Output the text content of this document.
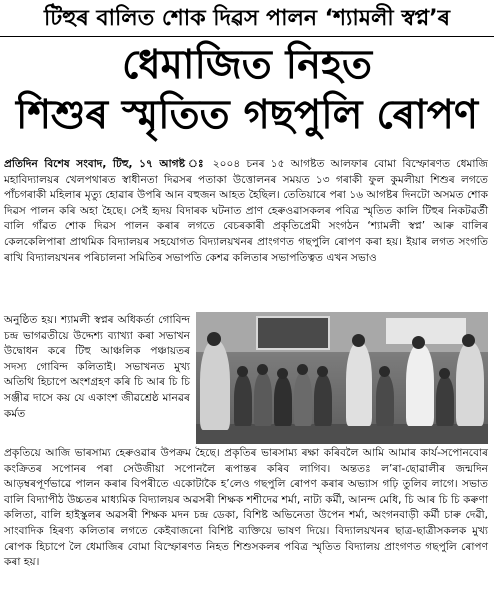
টিহুৰ বালিত শোক দিৱস পালন ‘শ্যামলী স্বপ্ন’ৰ
ধেমাজিত নিহত
শিশুৰ স্মৃতিত গছপুলি ৰোপণ

প্ৰতিদিন বিশেষ সংবাদ, টিহু, ১৭ আগষ্ট ঃ ২০০৪ চনৰ ১৫ আগষ্টত আলফাৰ বোমা বিস্ফোৰণত ধেমাজি মহাবিদ্যালয়ৰ খেলপথাৰত স্বাধীনতা দিৱসৰ পতাকা উত্তোলনৰ সময়ত ১৩ গৰাকী ফুল কুমলীয়া শিশুৰ লগতে পাঁচগৰাকী মহিলাৰ মৃত্যু হোৱাৰ উপৰি আন বহুজন আহত হৈছিল। তেতিয়াৰে পৰা ১৬ আগষ্টৰ দিনটো অসমত শোক দিৱস পালন কৰি অহা হৈছে। সেই হৃদয় বিদাৰক ঘটনাত প্ৰাণ হেৰুওৱাসকলৰ পবিত্ৰ স্মৃতিত কালি টিহুৰ নিকটৱৰ্তী বালি গাঁৱত শোক দিৱস পালন কৰাৰ লগতে বেচৰকাৰী প্ৰকৃতিপ্ৰেমী সংগঠন ‘শ্যামলী স্বপ্ন’ আৰু বালিৰ কেলকেলিপাৰা প্ৰাথমিক বিদ্যালয়ৰ সহযোগত বিদ্যালয়খনৰ প্ৰাংগণত গছপুলি ৰোপণ কৰা হয়। ইয়াৰ লগত সংগতি ৰাখি বিদ্যালয়খনৰ পৰিচালনা সমিতিৰ সভাপতি কেশৱ কলিতাৰ সভাপতিত্বত এখন সভাও

অনুষ্ঠিত হয়। শ্যামলী স্বপ্নৰ অধিকৰ্তা গোবিন্দ চন্দ্ৰ ভাগৱতীয়ে উদ্দেশ্য ব্যাখ্যা কৰা সভাখন উদ্বোধন কৰে টিহু আঞ্চলিক পঞ্চায়তৰ সদস্য গোবিন্দ কলিতাই। সভাখনত মুখ্য অতিথি হিচাপে অংশগ্ৰহণ কৰি চি আৰ চি চি সঞ্জীৱ দাসে কয় যে একাংশ জীৱশ্ৰেষ্ঠ মানৱৰ কৰ্মত

প্ৰকৃতিয়ে আজি ভাৰসাম্য হেৰুওৱাৰ উপক্ৰম হৈছে। প্ৰকৃতিৰ ভাৰসাম্য ৰক্ষা কৰিবলৈ আমি আমাৰ কাৰ্য-সপোনবোৰ কংক্ৰিতৰ সপোনৰ পৰা সেউজীয়া সপোনলৈ ৰূপান্তৰ কৰিব লাগিব। অন্ততঃ ল’ৰা-ছোৱালীৰ জন্মদিন আড়ম্বৰপূৰ্ণভাৱে পালন কৰাৰ বিপৰীতে একোটাকৈ হ’লেও গছপুলি ৰোপণ কৰাৰ অভ্যাস গঢ়ি তুলিব লাগে। সভাত বালি বিদ্যাপীঠ উচ্চতৰ মাধ্যমিক বিদ্যালয়ৰ অৱসৰী শিক্ষক শশীদেৱ শৰ্মা, নাট্য কৰ্মী, আনন্দ মেধি, চি আৰ চি চি কৰুণা কলিতা, বালি হাইস্কুলৰ অৱসৰী শিক্ষক মদন চন্দ্ৰ ডেকা, বিশিষ্ট অভিনেতা উপেন শৰ্মা, অংগনবাড়ী কৰ্মী চাৰু দেৱী, সাংবাদিক হিৰণ্য কলিতাৰ লগতে কেইবাজনো বিশিষ্ট ব্যক্তিয়ে ভাষণ দিয়ে। বিদ্যালয়খনৰ ছাত্ৰ-ছাত্ৰীসকলক মুখ্য ৰোপক হিচাপে লৈ ধেমাজিৰ বোমা বিস্ফোৰণত নিহত শিশুসকলৰ পবিত্ৰ স্মৃতিত বিদ্যালয় প্ৰাংগণত গছপুলি ৰোপণ কৰা হয়।
